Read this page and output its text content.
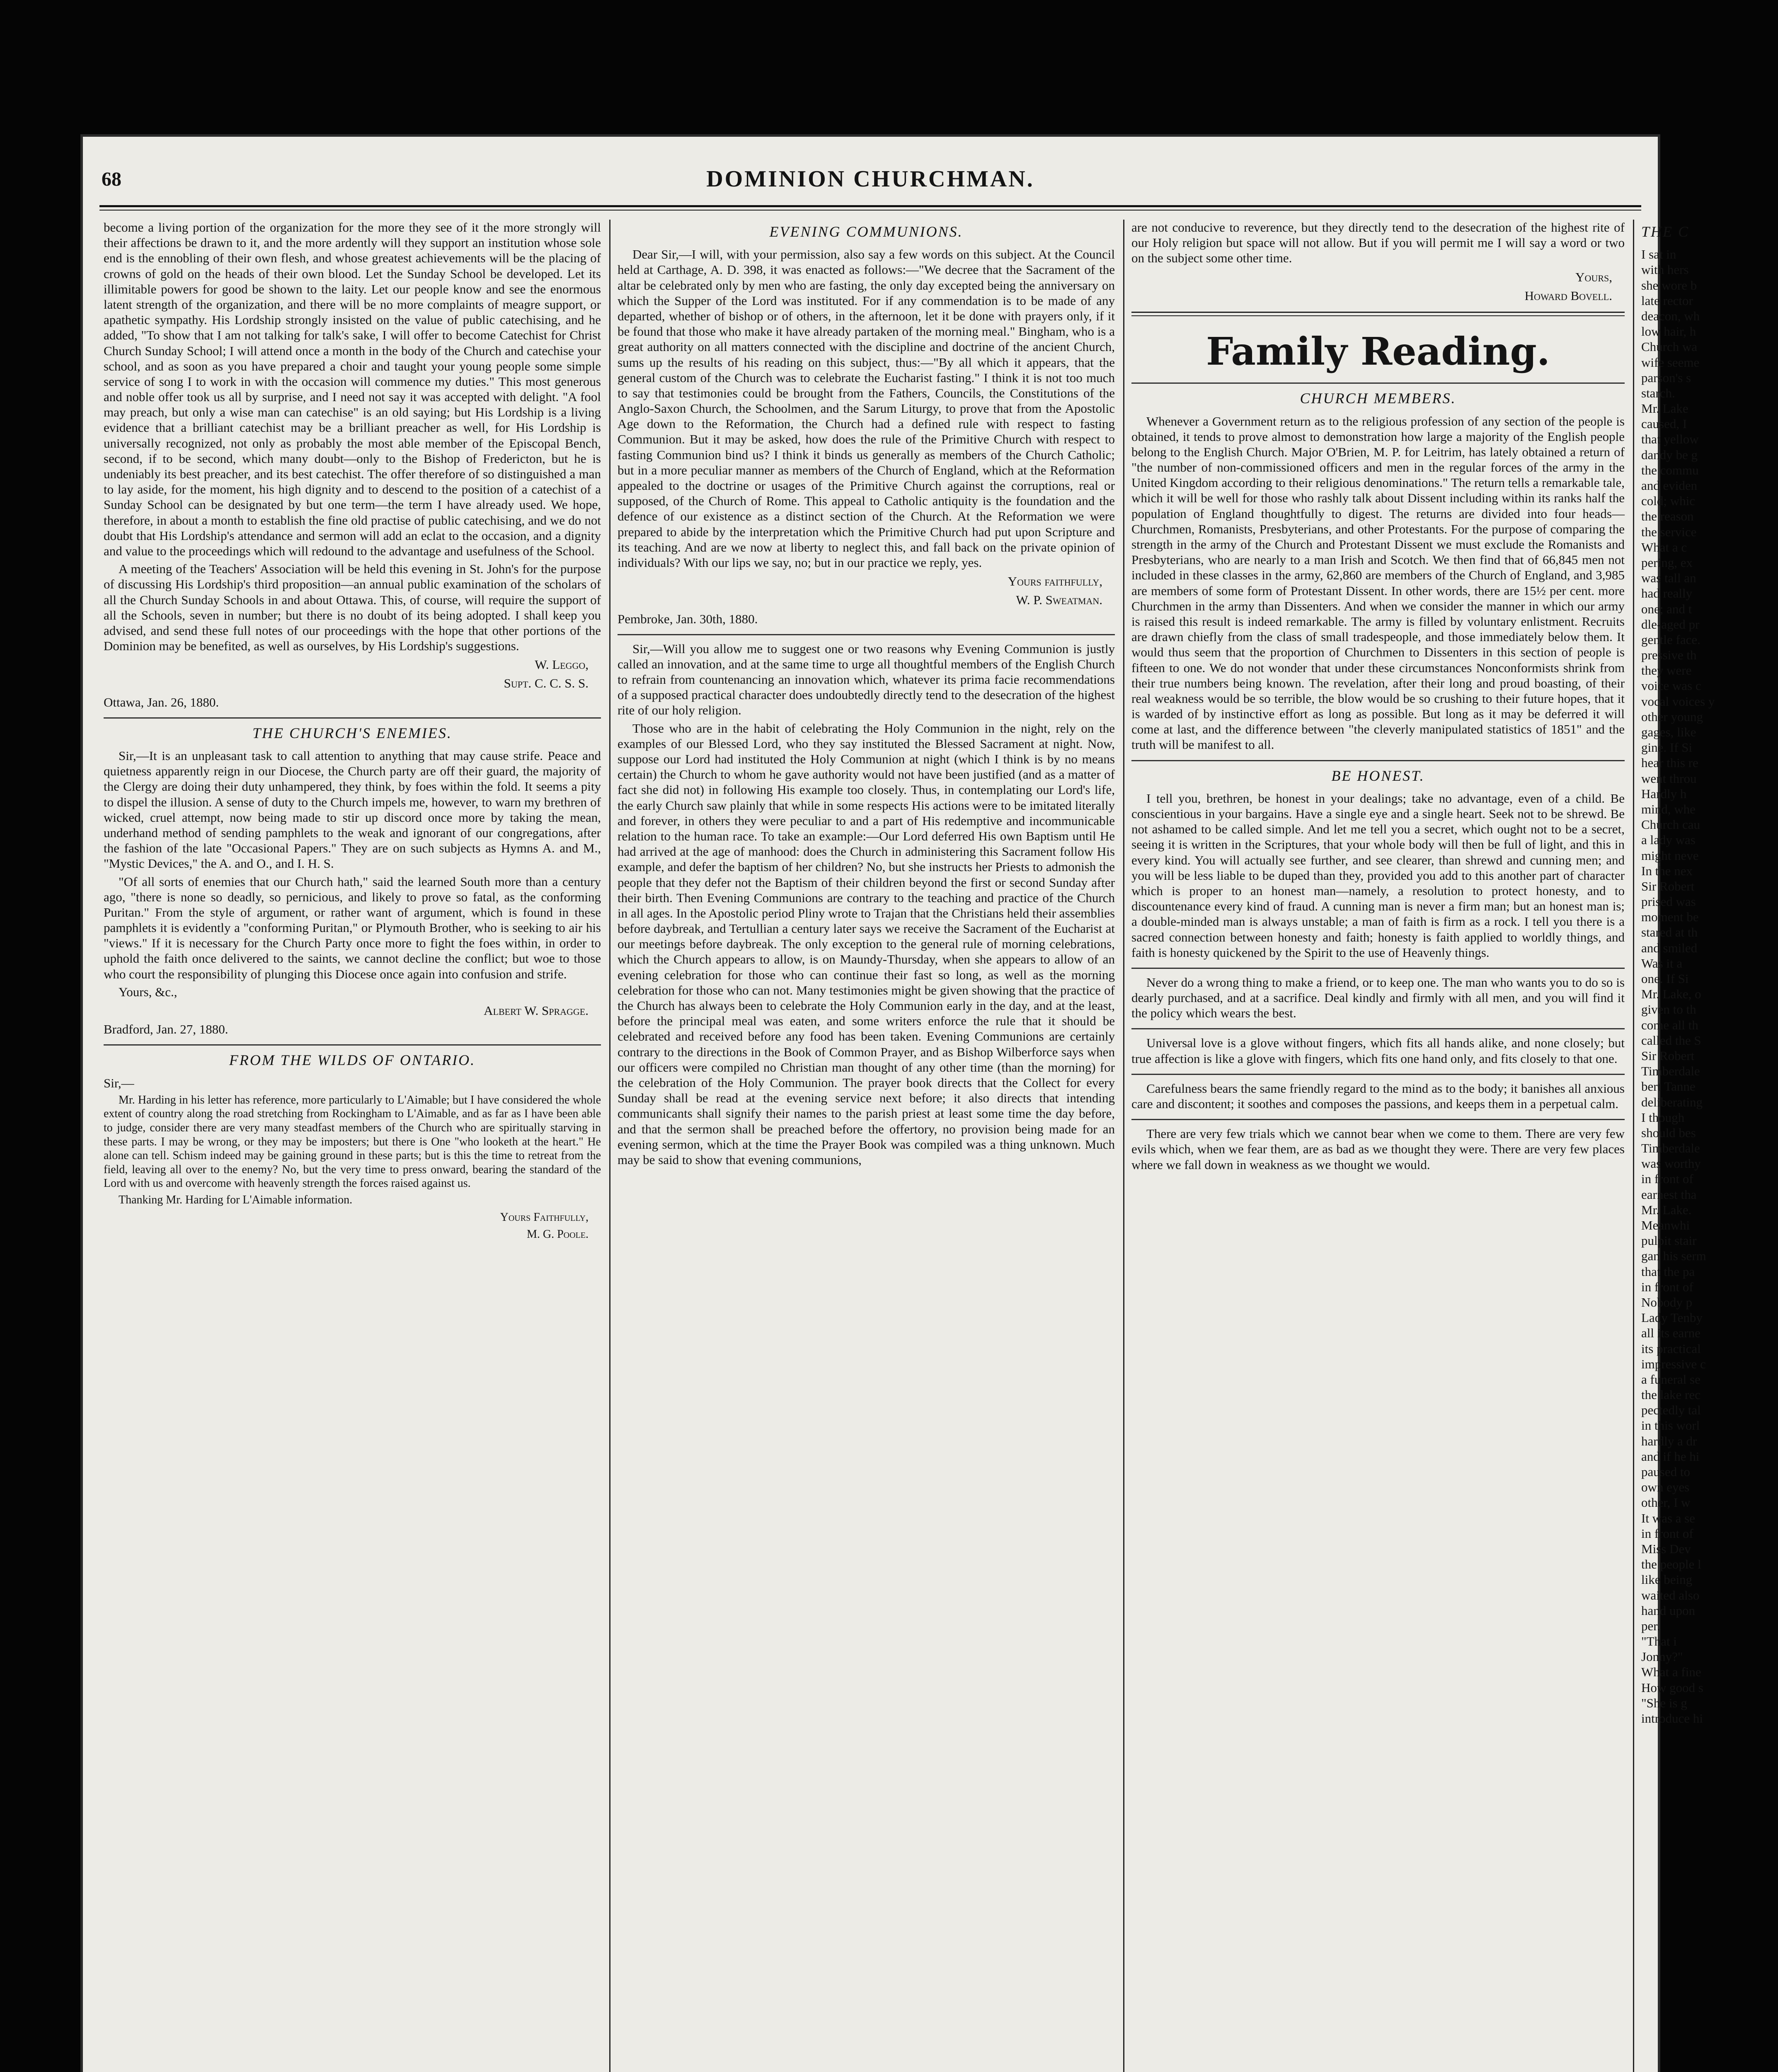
68	DOMINION CHURCHMAN.

become a living portion of the organization for the more they see of it the more strongly will their affections be drawn to it, and the more ardently will they support an institution whose sole end is the ennobling of their own flesh, and whose greatest achievements will be the placing of crowns of gold on the heads of their own blood. Let the Sunday School be developed. Let its illimitable powers for good be shown to the laity. Let our people know and see the enormous latent strength of the organization, and there will be no more complaints of meagre support, or apathetic sympathy. His Lordship strongly insisted on the value of public catechising, and he added, "To show that I am not talking for talk's sake, I will offer to become Catechist for Christ Church Sunday School; I will attend once a month in the body of the Church and catechise your school, and as soon as you have prepared a choir and taught your young people some simple service of song I to work in with the occasion will commence my duties." This most generous and noble offer took us all by surprise, and I need not say it was accepted with delight. "A fool may preach, but only a wise man can catechise" is an old saying; but His Lordship is a living evidence that a brilliant catechist may be a brilliant preacher as well, for His Lordship is universally recognized, not only as probably the most able member of the Episcopal Bench, second, if to be second, which many doubt—only to the Bishop of Fredericton, but he is undeniably its best preacher, and its best catechist. The offer therefore of so distinguished a man to lay aside, for the moment, his high dignity and to descend to the position of a catechist of a Sunday School can be designated by but one term—the term I have already used. We hope, therefore, in about a month to establish the fine old practise of public catechising, and we do not doubt that His Lordship's attendance and sermon will add an eclat to the occasion, and a dignity and value to the proceedings which will redound to the advantage and usefulness of the School.

A meeting of the Teachers' Association will be held this evening in St. John's for the purpose of discussing His Lordship's third proposition—an annual public examination of the scholars of all the Church Sunday Schools in and about Ottawa. This, of course, will require the support of all the Schools, seven in number; but there is no doubt of its being adopted. I shall keep you advised, and send these full notes of our proceedings with the hope that other portions of the Dominion may be benefited, as well as ourselves, by His Lordship's suggestions.

W. Leggo,
Supt. C. C. S. S.
Ottawa, Jan. 26, 1880.
THE CHURCH'S ENEMIES.

Sir,—It is an unpleasant task to call attention to anything that may cause strife. Peace and quietness apparently reign in our Diocese, the Church party are off their guard, the majority of the Clergy are doing their duty unhampered, they think, by foes within the fold. It seems a pity to dispel the illusion. A sense of duty to the Church impels me, however, to warn my brethren of wicked, cruel attempt, now being made to stir up discord once more by taking the mean, underhand method of sending pamphlets to the weak and ignorant of our congregations, after the fashion of the late "Occasional Papers." They are on such subjects as Hymns A. and M., "Mystic Devices," the A. and O., and I. H. S.

"Of all sorts of enemies that our Church hath," said the learned South more than a century ago, "there is none so deadly, so pernicious, and likely to prove so fatal, as the conforming Puritan." From the style of argument, or rather want of argument, which is found in these pamphlets it is evidently a "conforming Puritan," or Plymouth Brother, who is seeking to air his "views." If it is necessary for the Church Party once more to fight the foes within, in order to uphold the faith once delivered to the saints, we cannot decline the conflict; but woe to those who court the responsibility of plunging this Diocese once again into confusion and strife.

Yours, &c.,

Albert W. Spragge.
Bradford, Jan. 27, 1880.
FROM THE WILDS OF ONTARIO.

Sir,—

Mr. Harding in his letter has reference, more particularly to L'Aimable; but I have considered the whole extent of country along the road stretching from Rockingham to L'Aimable, and as far as I have been able to judge, consider there are very many steadfast members of the Church who are spiritually starving in these parts. I may be wrong, or they may be imposters; but there is One "who looketh at the heart." He alone can tell. Schism indeed may be gaining ground in these parts; but is this the time to retreat from the field, leaving all over to the enemy? No, but the very time to press onward, bearing the standard of the Lord with us and overcome with heavenly strength the forces raised against us.

Thanking Mr. Harding for L'Aimable information.

Yours Faithfully,
M. G. Poole.
EVENING COMMUNIONS.

Dear Sir,—I will, with your permission, also say a few words on this subject. At the Council held at Carthage, A. D. 398, it was enacted as follows:—"We decree that the Sacrament of the altar be celebrated only by men who are fasting, the only day excepted being the anniversary on which the Supper of the Lord was instituted. For if any commendation is to be made of any departed, whether of bishop or of others, in the afternoon, let it be done with prayers only, if it be found that those who make it have already partaken of the morning meal." Bingham, who is a great authority on all matters connected with the discipline and doctrine of the ancient Church, sums up the results of his reading on this subject, thus:—"By all which it appears, that the general custom of the Church was to celebrate the Eucharist fasting." I think it is not too much to say that testimonies could be brought from the Fathers, Councils, the Constitutions of the Anglo-Saxon Church, the Schoolmen, and the Sarum Liturgy, to prove that from the Apostolic Age down to the Reformation, the Church had a defined rule with respect to fasting Communion. But it may be asked, how does the rule of the Primitive Church with respect to fasting Communion bind us? I think it binds us generally as members of the Church Catholic; but in a more peculiar manner as members of the Church of England, which at the Reformation appealed to the doctrine or usages of the Primitive Church against the corruptions, real or supposed, of the Church of Rome. This appeal to Catholic antiquity is the foundation and the defence of our existence as a distinct section of the Church. At the Reformation we were prepared to abide by the interpretation which the Primitive Church had put upon Scripture and its teaching. And are we now at liberty to neglect this, and fall back on the private opinion of individuals? With our lips we say, no; but in our practice we reply, yes.

Yours faithfully,
W. P. Sweatman.
Pembroke, Jan. 30th, 1880.

Sir,—Will you allow me to suggest one or two reasons why Evening Communion is justly called an innovation, and at the same time to urge all thoughtful members of the English Church to refrain from countenancing an innovation which, whatever its prima facie recommendations of a supposed practical character does undoubtedly directly tend to the desecration of the highest rite of our holy religion.

Those who are in the habit of celebrating the Holy Communion in the night, rely on the examples of our Blessed Lord, who they say instituted the Blessed Sacrament at night. Now, suppose our Lord had instituted the Holy Communion at night (which I think is by no means certain) the Church to whom he gave authority would not have been justified (and as a matter of fact she did not) in following His example too closely. Thus, in contemplating our Lord's life, the early Church saw plainly that while in some respects His actions were to be imitated literally and forever, in others they were peculiar to and a part of His redemptive and incommunicable relation to the human race. To take an example:—Our Lord deferred His own Baptism until He had arrived at the age of manhood: does the Church in administering this Sacrament follow His example, and defer the baptism of her children? No, but she instructs her Priests to admonish the people that they defer not the Baptism of their children beyond the first or second Sunday after their birth. Then Evening Communions are contrary to the teaching and practice of the Church in all ages. In the Apostolic period Pliny wrote to Trajan that the Christians held their assemblies before daybreak, and Tertullian a century later says we receive the Sacrament of the Eucharist at our meetings before daybreak. The only exception to the general rule of morning celebrations, which the Church appears to allow, is on Maundy-Thursday, when she appears to allow of an evening celebration for those who can continue their fast so long, as well as the morning celebration for those who can not. Many testimonies might be given showing that the practice of the Church has always been to celebrate the Holy Communion early in the day, and at the least, before the principal meal was eaten, and some writers enforce the rule that it should be celebrated and received before any food has been taken. Evening Communions are certainly contrary to the directions in the Book of Common Prayer, and as Bishop Wilberforce says when our officers were compiled no Christian man thought of any other time (than the morning) for the celebration of the Holy Communion. The prayer book directs that the Collect for every Sunday shall be read at the evening service next before; it also directs that intending communicants shall signify their names to the parish priest at least some time the day before, and that the sermon shall be preached before the offertory, no provision being made for an evening sermon, which at the time the Prayer Book was compiled was a thing unknown. Much may be said to show that evening communions,

are not conducive to reverence, but they directly tend to the desecration of the highest rite of our Holy religion but space will not allow. But if you will permit me I will say a word or two on the subject some other time.

Yours,
Howard Bovell.
Family Reading.
CHURCH MEMBERS.

Whenever a Government return as to the religious profession of any section of the people is obtained, it tends to prove almost to demonstration how large a majority of the English people belong to the English Church. Major O'Brien, M. P. for Leitrim, has lately obtained a return of "the number of non-commissioned officers and men in the regular forces of the army in the United Kingdom according to their religious denominations." The return tells a remarkable tale, which it will be well for those who rashly talk about Dissent including within its ranks half the population of England thoughtfully to digest. The returns are divided into four heads—Churchmen, Romanists, Presbyterians, and other Protestants. For the purpose of comparing the strength in the army of the Church and Protestant Dissent we must exclude the Romanists and Presbyterians, who are nearly to a man Irish and Scotch. We then find that of 66,845 men not included in these classes in the army, 62,860 are members of the Church of England, and 3,985 are members of some form of Protestant Dissent. In other words, there are 15½ per cent. more Churchmen in the army than Dissenters. And when we consider the manner in which our army is raised this result is indeed remarkable. The army is filled by voluntary enlistment. Recruits are drawn chiefly from the class of small tradespeople, and those immediately below them. It would thus seem that the proportion of Churchmen to Dissenters in this section of people is fifteen to one. We do not wonder that under these circumstances Nonconformists shrink from their true numbers being known. The revelation, after their long and proud boasting, of their real weakness would be so terrible, the blow would be so crushing to their future hopes, that it is warded of by instinctive effort as long as possible. But long as it may be deferred it will come at last, and the difference between "the cleverly manipulated statistics of 1851" and the truth will be manifest to all.

BE HONEST.

I tell you, brethren, be honest in your dealings; take no advantage, even of a child. Be conscientious in your bargains. Have a single eye and a single heart. Seek not to be shrewd. Be not ashamed to be called simple. And let me tell you a secret, which ought not to be a secret, seeing it is written in the Scriptures, that your whole body will then be full of light, and this in every kind. You will actually see further, and see clearer, than shrewd and cunning men; and you will be less liable to be duped than they, provided you add to this another part of character which is proper to an honest man—namely, a resolution to protect honesty, and to discountenance every kind of fraud. A cunning man is never a firm man; but an honest man is; a double-minded man is always unstable; a man of faith is firm as a rock. I tell you there is a sacred connection between honesty and faith; honesty is faith applied to worldly things, and faith is honesty quickened by the Spirit to the use of Heavenly things.

Never do a wrong thing to make a friend, or to keep one. The man who wants you to do so is dearly purchased, and at a sacrifice. Deal kindly and firmly with all men, and you will find it the policy which wears the best.

Universal love is a glove without fingers, which fits all hands alike, and none closely; but true affection is like a glove with fingers, which fits one hand only, and fits closely to that one.

Carefulness bears the same friendly regard to the mind as to the body; it banishes all anxious care and discontent; it soothes and composes the passions, and keeps them in a perpetual calm.

There are very few trials which we cannot bear when we come to them. There are very few evils which, when we fear them, are as bad as we thought they were. There are very few places where we fall down in weakness as we thought we would.

THE C
I sat in
with hers
she wore b
late rector
deacon, wh
low hair, h
Church wa
wife seeme
parson's s
starch.
Mr. Lake
caused, I
that yellow
dandy be g
the commu
and eviden
cold; whic
the reason
the service
What a c
pering, ex
was tall an
had really
one; and t
dle-aged pr
gentle face.
pressive th
they were
voice was c
vocal voices y
other young
gages, like
gine. If Si
hear this re
went throu
Hardly h
mind, whe
Church cau
a lady was
might neve
In the nex
Sir Robert
prised was
moment be
stared at th
and smiled
Was it a
one. If Si
Mr. Lake, o
given to th
come all th
called the S
Sir Robert
Timberdale
bert Tanne
deliberating
I though
should bes
Timberdale
was worthy
in front of
earnest tha
Mr. Lake.
Meanwhi
pulpit stair
gan his serm
that the pa
in front of
Nobody p
Lady Tenby
all its earne
its practical
impressive c
a funeral se
the lake rec
pectedly tal
in this worl
hardly a dr
and if he hi
paused to
own eyes
other, I w
It was a se
in front of
Miss Dev
the people l
like being
waited also
hand upon
per.
"That i
Jonny?"
What a fine
How good s
"She is g
introduce hi
